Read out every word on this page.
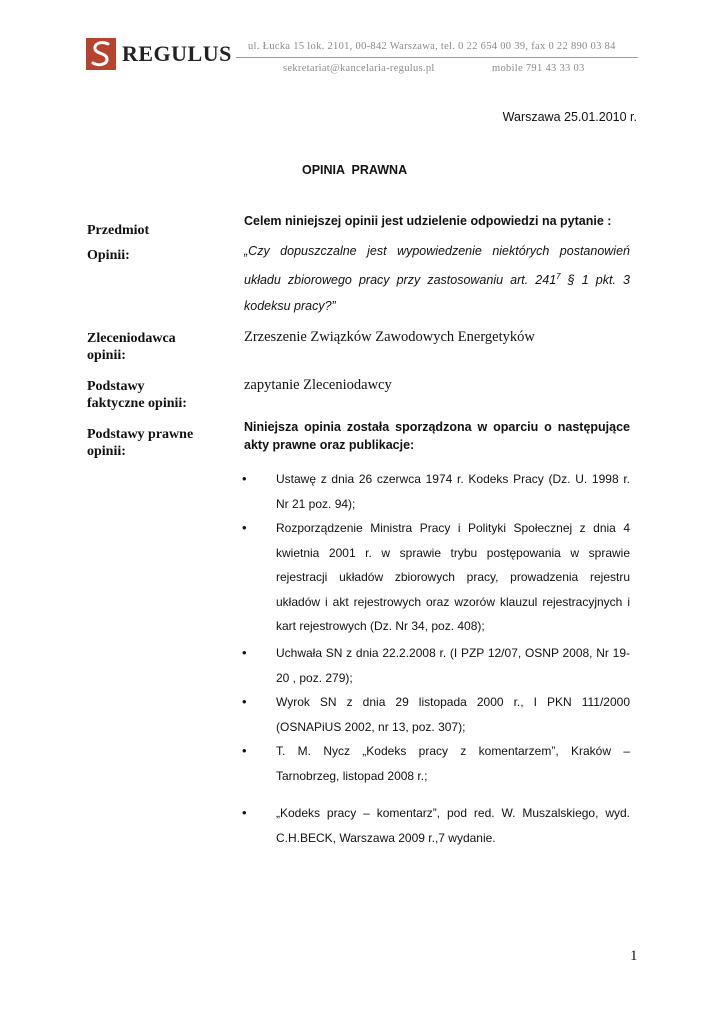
REGULUS ul. Łucka 15 lok. 2101, 00-842 Warszawa, tel. 0 22 654 00 39, fax 0 22 890 03 84
sekretariat@kancelaria-regulus.pl	mobile 791 43 33 03
Warszawa 25.01.2010 r.
OPINIA  PRAWNA
Przedmiot
Opinii:
Celem niniejszej opinii jest udzielenie odpowiedzi na pytanie :
„Czy dopuszczalne jest wypowiedzenie niektórych postanowień
układu zbiorowego pracy przy zastosowaniu art. $241^7$ § 1 pkt. 3
kodeksu pracy?”
Zleceniodawca
opinii:
Zrzeszenie Związków Zawodowych Energetyków
Podstawy
faktyczne opinii:
zapytanie Zleceniodawcy
Podstawy prawne
opinii:
Niniejsza opinia została sporządzona w oparciu o następujące
akty prawne oraz publikacje:
• Ustawę z dnia 26 czerwca 1974 r. Kodeks Pracy (Dz. U. 1998 r.
Nr 21 poz. 94);
• Rozporządzenie Ministra Pracy i Polityki Społecznej z dnia 4
kwietnia 2001 r. w sprawie trybu postępowania w sprawie
rejestracji układów zbiorowych pracy, prowadzenia rejestru
układów i akt rejestrowych oraz wzorów klauzul rejestracyjnych i
kart rejestrowych (Dz. Nr 34, poz. 408);
• Uchwała SN z dnia 22.2.2008 r. (I PZP 12/07, OSNP 2008, Nr 19-
20 , poz. 279);
• Wyrok SN z dnia 29 listopada 2000 r., I PKN 111/2000
(OSNAPiUS 2002, nr 13, poz. 307);
• T. M. Nycz „Kodeks pracy z komentarzem”, Kraków –
Tarnobrzeg, listopad 2008 r.;
• „Kodeks pracy – komentarz”, pod red. W. Muszalskiego, wyd.
C.H.BECK, Warszawa 2009 r.,7 wydanie.
1
